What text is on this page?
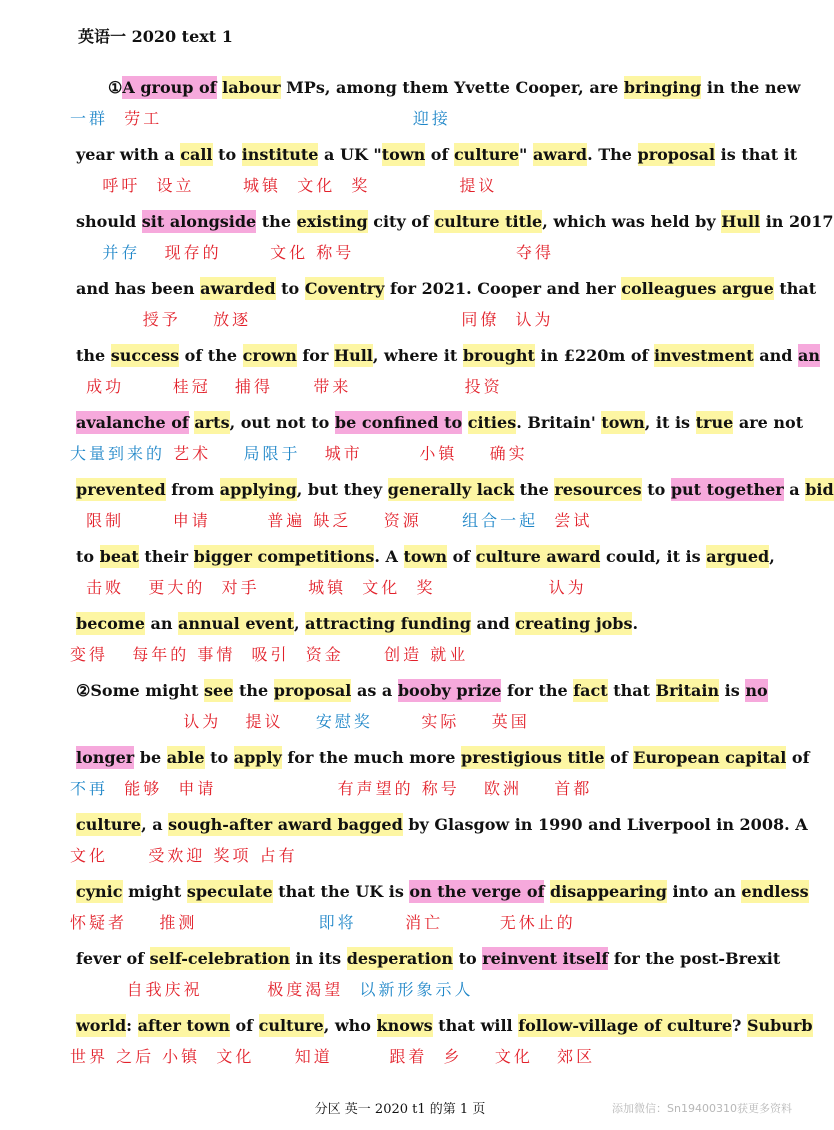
英语一 2020 text 1
①A group of labour MPs, among them Yvette Cooper, are bringing in the new
一群  劳工                               迎接
year with a call to institute a UK "town of culture" award. The proposal is that it
呼吁  设立      城镇  文化  奖           提议
should sit alongside the existing city of culture title, which was held by Hull in 2017
并存   现存的      文化 称号                    夺得
and has been awarded to Coventry for 2021. Cooper and her colleagues argue that
授予    放逐                          同僚  认为
the success of the crown for Hull, where it brought in £220m of investment and an
成功      桂冠   捕得     带来              投资
avalanche of arts, out not to be confined to cities. Britain' town, it is true are not
大量到来的 艺术    局限于   城市       小镇    确实
prevented from applying, but they generally lack the resources to put together a bid
限制      申请       普遍 缺乏    资源     组合一起  尝试
to beat their bigger competitions. A town of culture award could, it is argued,
击败   更大的  对手      城镇  文化  奖              认为
become an annual event, attracting funding and creating jobs.
变得   每年的 事情  吸引  资金     创造 就业
②Some might see the proposal as a booby prize for the fact that Britain is no
认为   提议    安慰奖      实际    英国
longer be able to apply for the much more prestigious title of European capital of
不再  能够  申请               有声望的 称号   欧洲    首都
culture, a sough-after award bagged by Glasgow in 1990 and Liverpool in 2008. A
文化     受欢迎 奖项 占有
cynic might speculate that the UK is on the verge of disappearing into an endless
怀疑者    推测               即将      消亡       无休止的
fever of self-celebration in its desperation to reinvent itself for the post-Brexit
自我庆祝        极度渴望  以新形象示人
world: after town of culture, who knows that will follow-village of culture? Suburb
世界 之后 小镇  文化     知道       跟着  乡    文化   郊区
分区 英一 2020 t1 的第 1 页	添加微信：Sn19400310获更多资料
